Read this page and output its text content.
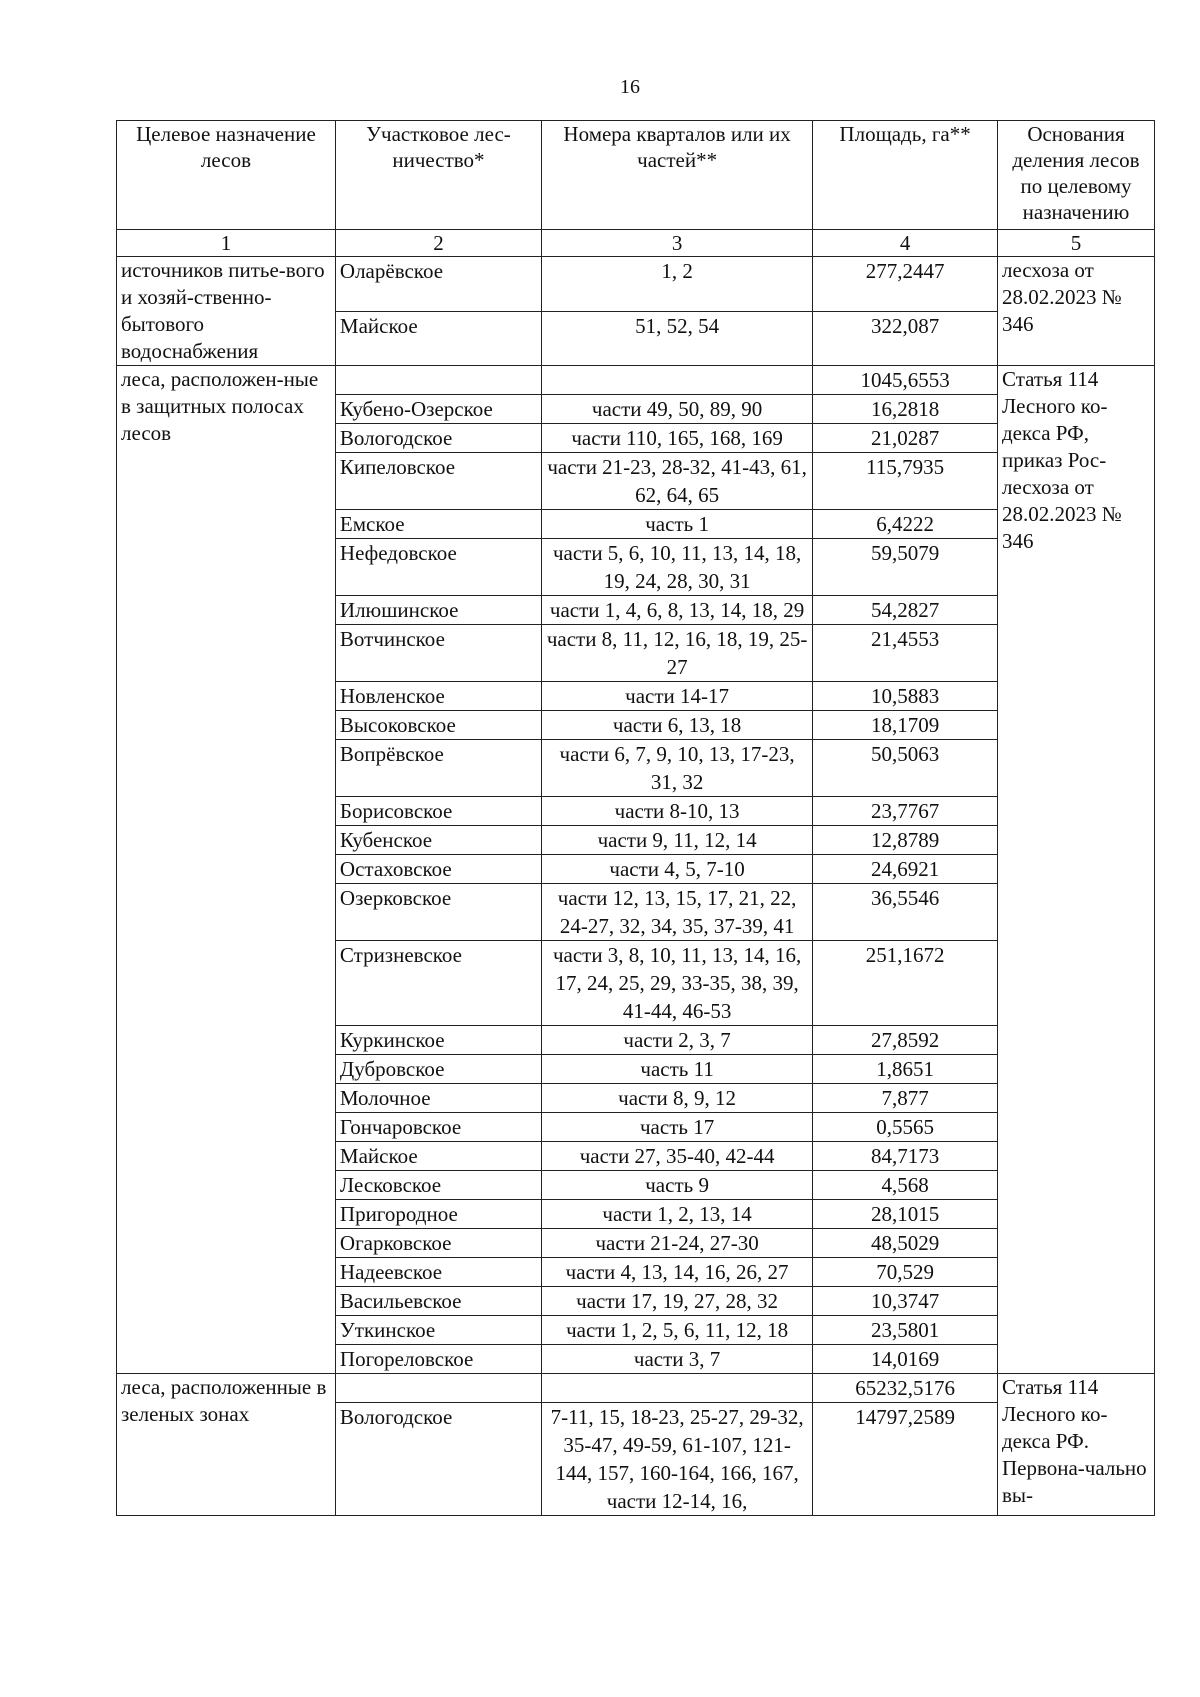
16
Целевое назначение лесов	Участковое лес-ничество*	Номера кварталов или их частей**	Площадь, га**	Основания деления лесов по целевому назначению
1	2	3	4	5
источников питье-вого и хозяй-ственно-бытового водоснабжения	Оларёвское	1, 2	277,2447	лесхоза от 28.02.2023 № 346
	Майское	51, 52, 54	322,087	
леса, расположен-ные в защитных полосах лесов			1045,6553	Статья 114 Лесного ко-декса РФ, приказ Рос-лесхоза от 28.02.2023 № 346
	Кубено-Озерское	части 49, 50, 89, 90	16,2818	
	Вологодское	части 110, 165, 168, 169	21,0287	
	Кипеловское	части 21-23, 28-32, 41-43, 61, 62, 64, 65	115,7935	
	Емское	часть 1	6,4222	
	Нефедовское	части 5, 6, 10, 11, 13, 14, 18, 19, 24, 28, 30, 31	59,5079	
	Илюшинское	части 1, 4, 6, 8, 13, 14, 18, 29	54,2827	
	Вотчинское	части 8, 11, 12, 16, 18, 19, 25-27	21,4553	
	Новленское	части 14-17	10,5883	
	Высоковское	части 6, 13, 18	18,1709	
	Вопрёвское	части 6, 7, 9, 10, 13, 17-23, 31, 32	50,5063	
	Борисовское	части 8-10, 13	23,7767	
	Кубенское	части 9, 11, 12, 14	12,8789	
	Остаховское	части 4, 5, 7-10	24,6921	
	Озерковское	части 12, 13, 15, 17, 21, 22, 24-27, 32, 34, 35, 37-39, 41	36,5546	
	Стризневское	части 3, 8, 10, 11, 13, 14, 16, 17, 24, 25, 29, 33-35, 38, 39, 41-44, 46-53	251,1672	
	Куркинское	части 2, 3, 7	27,8592	
	Дубровское	часть 11	1,8651	
	Молочное	части 8, 9, 12	7,877	
	Гончаровское	часть 17	0,5565	
	Майское	части 27, 35-40, 42-44	84,7173	
	Лесковское	часть 9	4,568	
	Пригородное	части 1, 2, 13, 14	28,1015	
	Огарковское	части 21-24, 27-30	48,5029	
	Надеевское	части 4, 13, 14, 16, 26, 27	70,529	
	Васильевское	части 17, 19, 27, 28, 32	10,3747	
	Уткинское	части 1, 2, 5, 6, 11, 12, 18	23,5801	
	Погореловское	части 3, 7	14,0169	
леса, расположенные в зеленых зонах			65232,5176	Статья 114 Лесного ко-декса РФ. Первона-чально вы-
	Вологодское	7-11, 15, 18-23, 25-27, 29-32, 35-47, 49-59, 61-107, 121-144, 157, 160-164, 166, 167, части 12-14, 16,	14797,2589	
